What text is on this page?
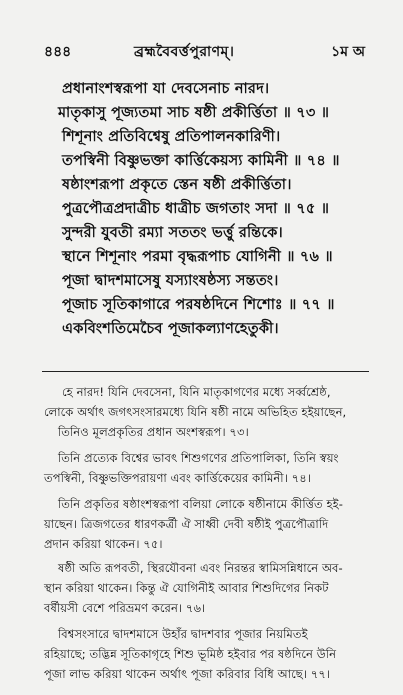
৪৪৪	ব্রহ্মবৈবর্ত্তপুরাণম্।	১ম অ
প্রধানাংশস্বরূপা যা দেবসেনাচ নারদ।
মাতৃকাসু পূজ্যতমা সাচ ষষ্ঠী প্রকীর্ত্তিতা ॥ ৭৩ ॥
শিশূনাং প্রতিবিশ্বেষু প্রতিপালনকারিণী।
তপস্বিনী বিষ্ণুভক্তা কার্ত্তিকেয়স্য কামিনী ॥ ৭৪ ॥
ষষ্ঠাংশরূপা প্রকৃতে স্তেন ষষ্ঠী প্রকীর্ত্তিতা।
পুত্রপৌত্রপ্রদাত্রীচ ধাত্রীচ জগতাং সদা ॥ ৭৫ ॥
সুন্দরী যুবতী রম্যা সততং ভর্ত্তু রন্তিকে।
স্থানে শিশূনাং পরমা বৃদ্ধরূপাচ যোগিনী ॥ ৭৬ ॥
পূজা দ্বাদশমাসেষু যস্যাংষষ্ঠস্য সন্ততং।
পূজাচ সূতিকাগারে পরষষ্ঠদিনে শিশোঃ ॥ ৭৭ ॥
একবিংশতিমেচৈব পূজাকল্যাণহেতুকী।
হে নারদ! যিনি দেবসেনা, যিনি মাতৃকাগণের মধ্যে সর্ব্বশ্রেষ্ঠ,
লোকে অর্থাৎ জগৎসংসারমধ্যে যিনি ষষ্ঠী নামে অভিহিত হইয়াছেন,
তিনিও মূলপ্রকৃতির প্রধান অংশস্বরূপ। ৭৩।
তিনি প্রত্যেক বিশ্বের ভাবৎ শিশুগণের প্রতিপালিকা, তিনি স্বয়ং
তপস্বিনী, বিষ্ণুভক্তিপরায়ণা এবং কার্ত্তিকেয়ের কামিনী। ৭৪।
তিনি প্রকৃতির ষষ্ঠাংশস্বরূপা বলিয়া লোকে ষষ্ঠীনামে কীর্ত্তিত হই-
য়াছেন। ত্রিজগতের ধারণকর্ত্রী ঐ সাধ্বী দেবী ষষ্ঠীই পুত্রপৌত্রাদি
প্রদান করিয়া থাকেন। ৭৫।
ষষ্ঠী অতি রূপবতী, স্থিরযৌবনা এবং নিরন্তর স্বামিসন্নিধানে অব-
স্থান করিয়া থাকেন। কিন্তু ঐ যোগিনীই আবার শিশুদিগের নিকট
বর্ষীয়সী বেশে পরিভ্রমণ করেন। ৭৬।
বিশ্বসংসারে দ্বাদশমাসে উহাঁর দ্বাদশবার পূজার নিয়মিতই
রহিয়াছে; তদ্ভিন্ন সূতিকাগৃহে শিশু ভূমিষ্ঠ হইবার পর ষষ্ঠদিনে উনি
পূজা লাভ করিয়া থাকেন অর্থাৎ পূজা করিবার বিধি আছে। ৭৭।
